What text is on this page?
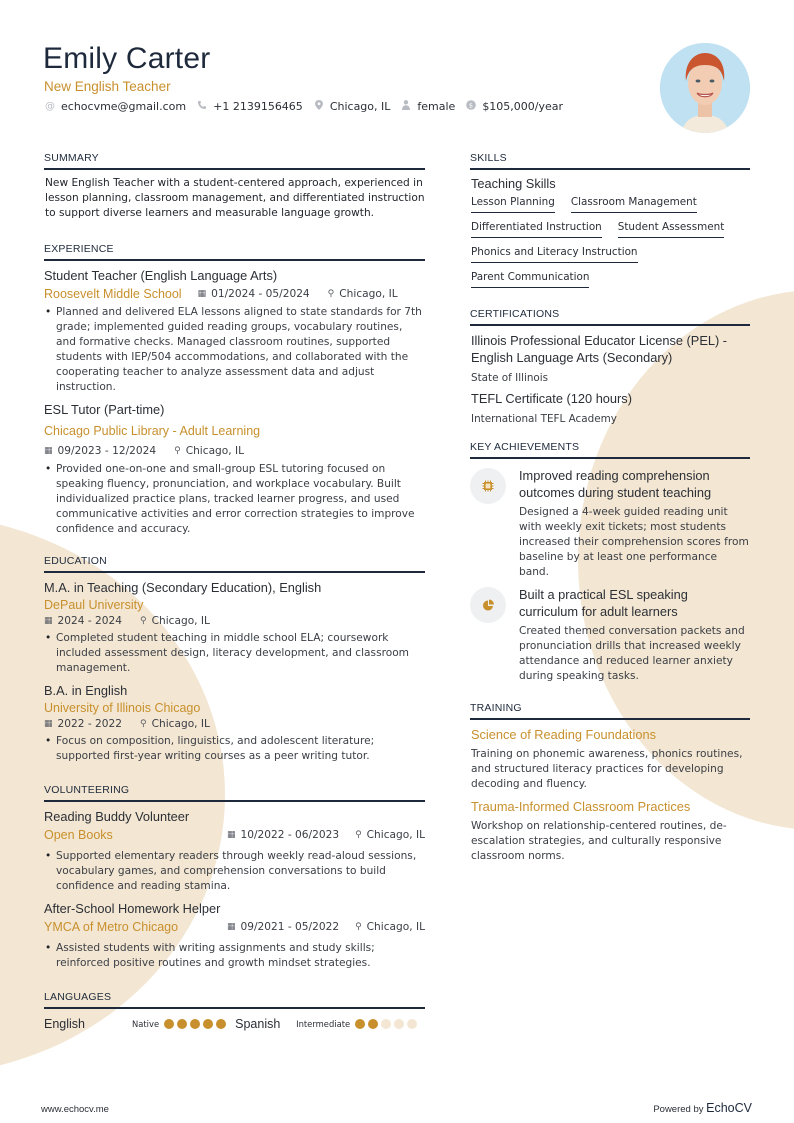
Emily Carter
New English Teacher
@ echocvme@gmail.com +1 2139156465 Chicago, IL female $ $105,000/year
SUMMARY
New English Teacher with a student-centered approach, experienced in lesson planning, classroom management, and differentiated instruction to support diverse learners and measurable language growth.
EXPERIENCE
Student Teacher (English Language Arts)
Roosevelt Middle School ▦ 01/2024 - 05/2024 ⚲ Chicago, IL
• Planned and delivered ELA lessons aligned to state standards for 7th grade; implemented guided reading groups, vocabulary routines, and formative checks. Managed classroom routines, supported students with IEP/504 accommodations, and collaborated with the cooperating teacher to analyze assessment data and adjust instruction.
ESL Tutor (Part-time)
Chicago Public Library - Adult Learning
▦ 09/2023 - 12/2024 ⚲ Chicago, IL
• Provided one-on-one and small-group ESL tutoring focused on speaking fluency, pronunciation, and workplace vocabulary. Built individualized practice plans, tracked learner progress, and used communicative activities and error correction strategies to improve confidence and accuracy.
EDUCATION
M.A. in Teaching (Secondary Education), English
DePaul University
▦ 2024 - 2024 ⚲ Chicago, IL
• Completed student teaching in middle school ELA; coursework included assessment design, literacy development, and classroom management.
B.A. in English
University of Illinois Chicago
▦ 2022 - 2022 ⚲ Chicago, IL
• Focus on composition, linguistics, and adolescent literature; supported first-year writing courses as a peer writing tutor.
VOLUNTEERING
Reading Buddy Volunteer
Open Books	▦ 10/2022 - 06/2023 ⚲ Chicago, IL
• Supported elementary readers through weekly read-aloud sessions, vocabulary games, and comprehension conversations to build confidence and reading stamina.
After-School Homework Helper
YMCA of Metro Chicago	▦ 09/2021 - 05/2022 ⚲ Chicago, IL
• Assisted students with writing assignments and study skills; reinforced positive routines and growth mindset strategies.
LANGUAGES
English	Native	Spanish	Intermediate
SKILLS
Teaching Skills
Lesson Planning Classroom Management
Differentiated Instruction Student Assessment
Phonics and Literacy Instruction
Parent Communication
CERTIFICATIONS
Illinois Professional Educator License (PEL) - English Language Arts (Secondary)
State of Illinois
TEFL Certificate (120 hours)
International TEFL Academy
KEY ACHIEVEMENTS
Improved reading comprehension outcomes during student teaching
Designed a 4-week guided reading unit with weekly exit tickets; most students increased their comprehension scores from baseline by at least one performance band.
Built a practical ESL speaking curriculum for adult learners
Created themed conversation packets and pronunciation drills that increased weekly attendance and reduced learner anxiety during speaking tasks.
TRAINING
Science of Reading Foundations
Training on phonemic awareness, phonics routines, and structured literacy practices for developing decoding and fluency.
Trauma-Informed Classroom Practices
Workshop on relationship-centered routines, de-escalation strategies, and culturally responsive classroom norms.
www.echocv.me	Powered by EchoCV
